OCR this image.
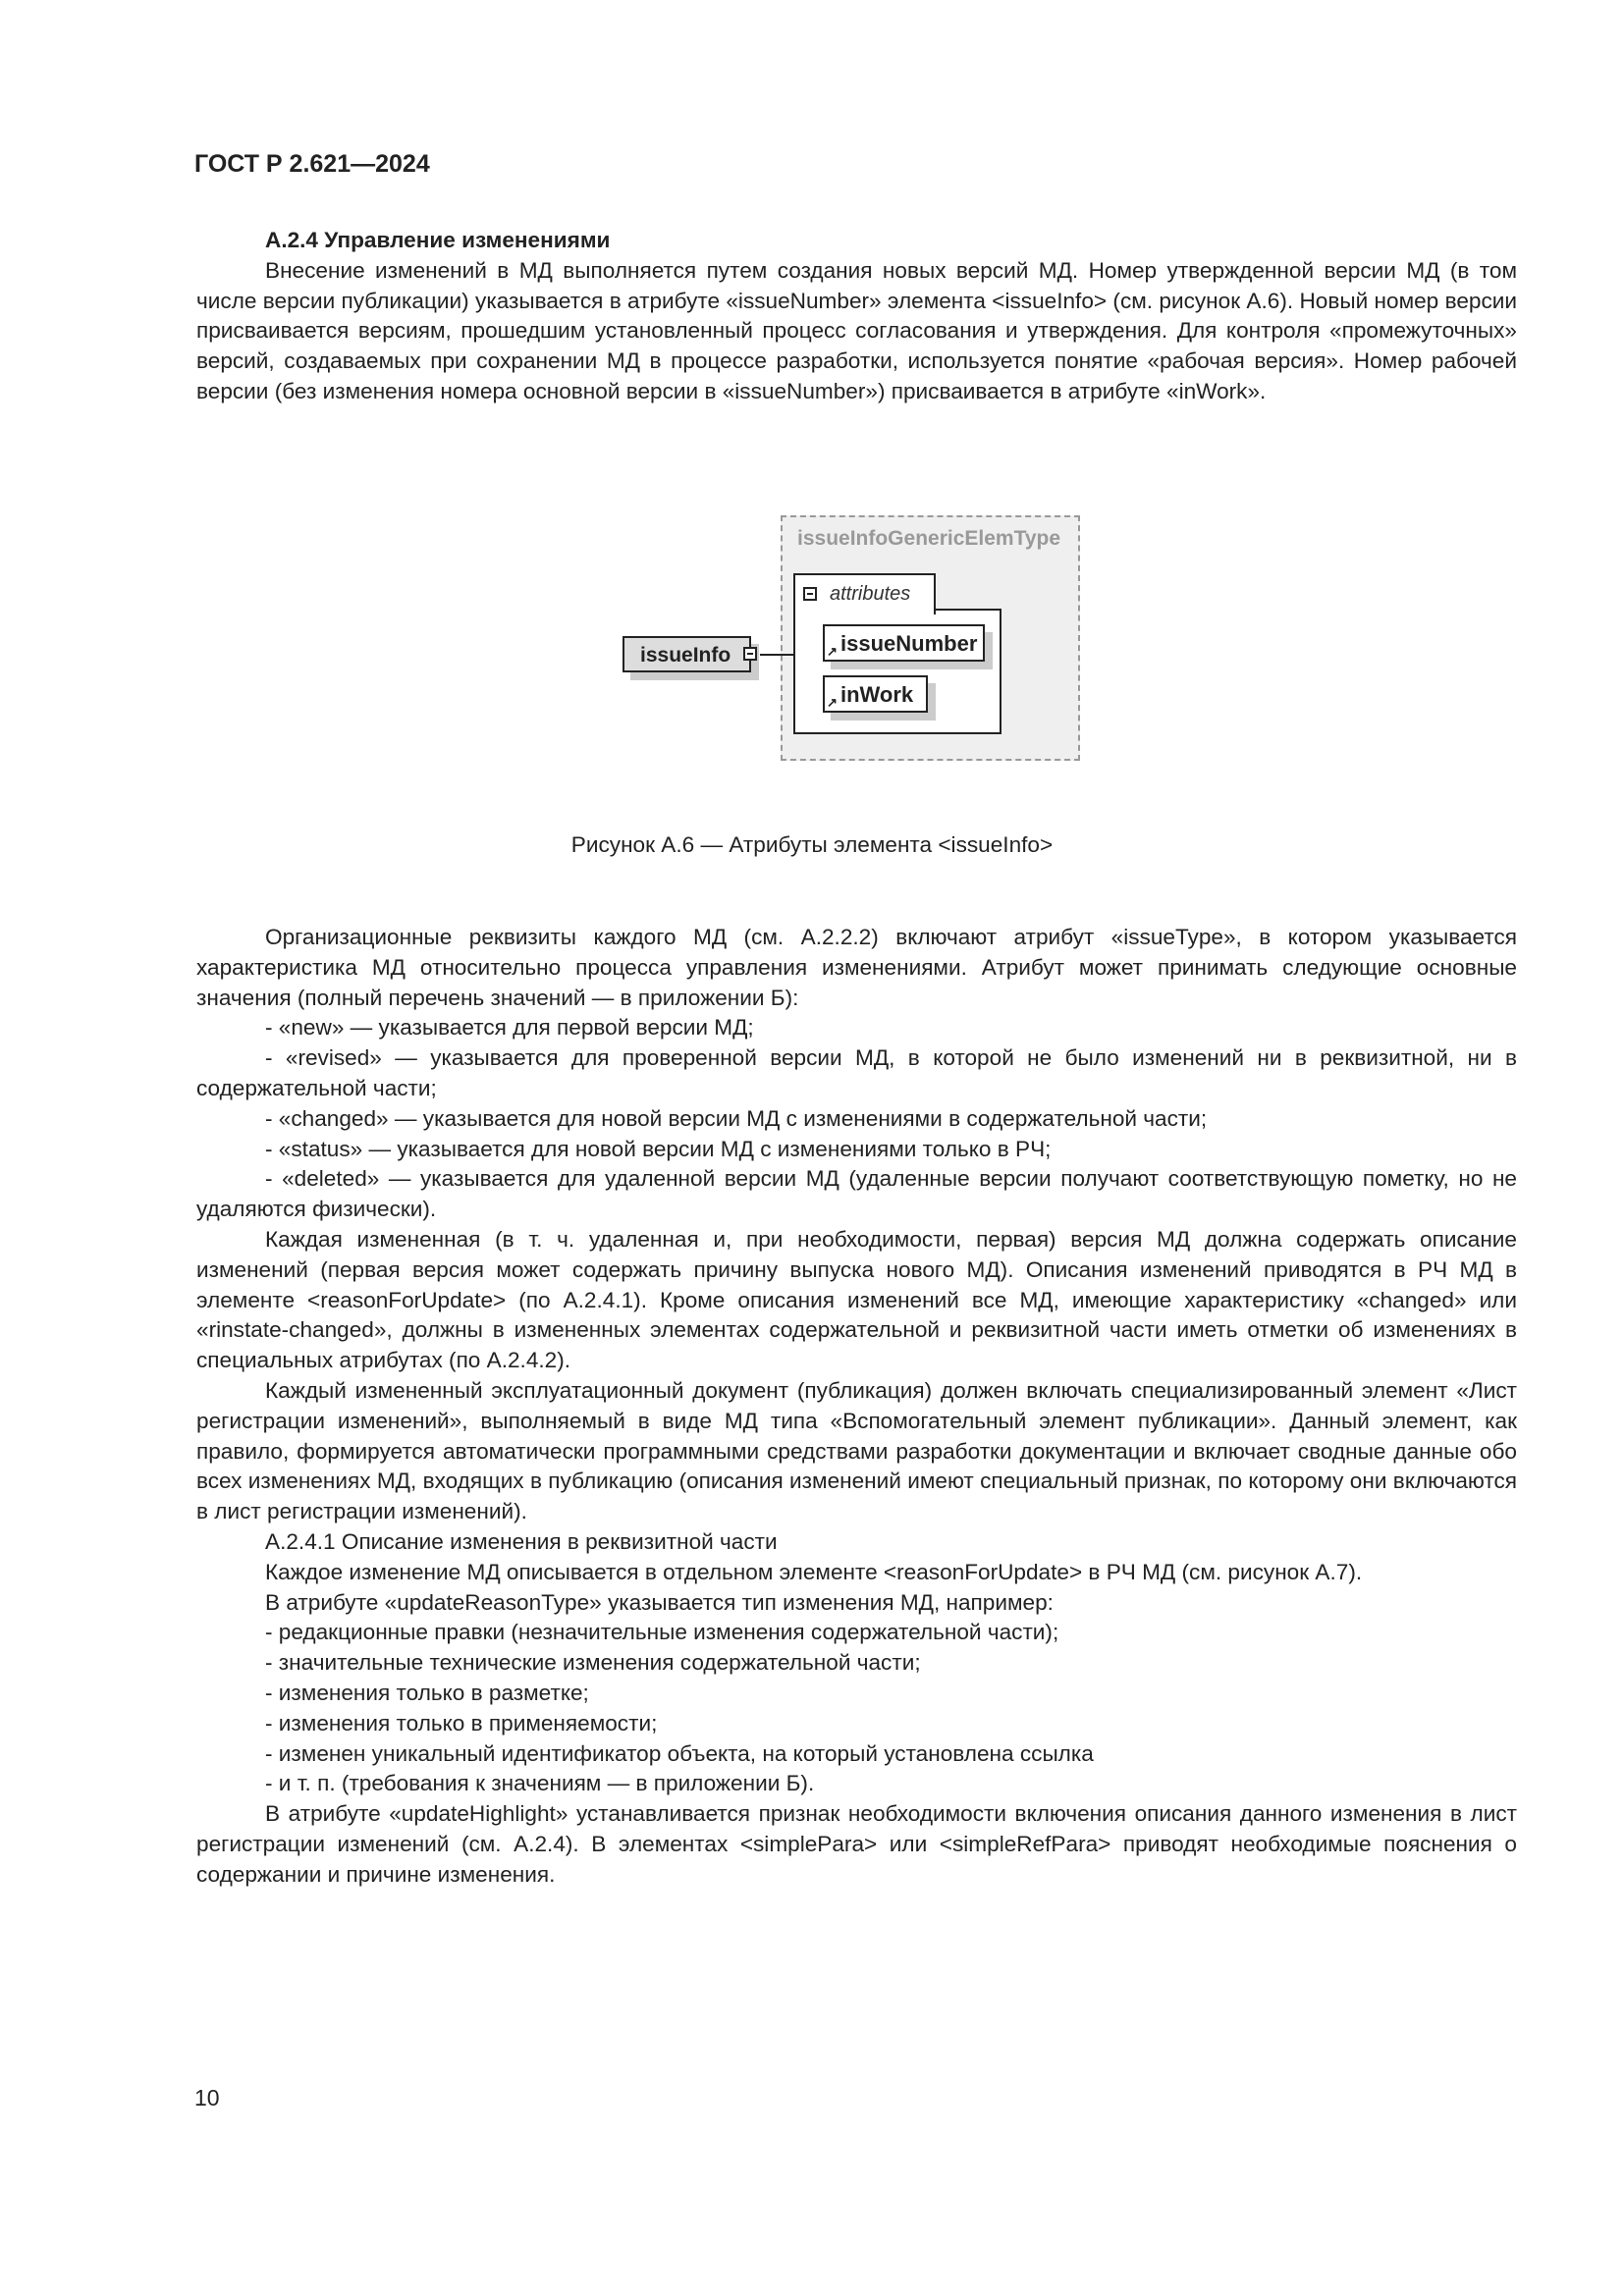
ГОСТ Р 2.621—2024

А.2.4 Управление изменениями

Внесение изменений в МД выполняется путем создания новых версий МД. Номер утвержденной версии МД (в том числе версии публикации) указывается в атрибуте «issueNumber» элемента <issueInfo> (см. рисунок А.6). Новый номер версии присваивается версиям, прошедшим установленный процесс согласования и утверждения. Для контроля «промежуточных» версий, создаваемых при сохранении МД в процессе разработки, используется понятие «рабочая версия». Номер рабочей версии (без изменения номера основной версии в «issueNumber») присваивается в атрибуте «inWork».

issueInfoGenericElemType
attributes
↗ issueNumber
↗ inWork
issueInfo
Рисунок А.6 — Атрибуты элемента <issueInfo>

Организационные реквизиты каждого МД (см. А.2.2.2) включают атрибут «issueType», в котором указывается характеристика МД относительно процесса управления изменениями. Атрибут может принимать следующие основные значения (полный перечень значений — в приложении Б):

- «new» — указывается для первой версии МД;

- «revised» — указывается для проверенной версии МД, в которой не было изменений ни в реквизитной, ни в содержательной части;

- «changed» — указывается для новой версии МД с изменениями в содержательной части;

- «status» — указывается для новой версии МД с изменениями только в РЧ;

- «deleted» — указывается для удаленной версии МД (удаленные версии получают соответствующую пометку, но не удаляются физически).

Каждая измененная (в т. ч. удаленная и, при необходимости, первая) версия МД должна содержать описание изменений (первая версия может содержать причину выпуска нового МД). Описания изменений приводятся в РЧ МД в элементе <reasonForUpdate> (по А.2.4.1). Кроме описания изменений все МД, имеющие характеристику «changed» или «rinstate-changed», должны в измененных элементах содержательной и реквизитной части иметь отметки об изменениях в специальных атрибутах (по А.2.4.2).

Каждый измененный эксплуатационный документ (публикация) должен включать специализированный элемент «Лист регистрации изменений», выполняемый в виде МД типа «Вспомогательный элемент публикации». Данный элемент, как правило, формируется автоматически программными средствами разработки документации и включает сводные данные обо всех изменениях МД, входящих в публикацию (описания изменений имеют специальный признак, по которому они включаются в лист регистрации изменений).

А.2.4.1 Описание изменения в реквизитной части

Каждое изменение МД описывается в отдельном элементе <reasonForUpdate> в РЧ МД (см. рисунок А.7).

В атрибуте «updateReasonType» указывается тип изменения МД, например:

- редакционные правки (незначительные изменения содержательной части);

- значительные технические изменения содержательной части;

- изменения только в разметке;

- изменения только в применяемости;

- изменен уникальный идентификатор объекта, на который установлена ссылка

- и т. п. (требования к значениям — в приложении Б).

В атрибуте «updateHighlight» устанавливается признак необходимости включения описания данного изменения в лист регистрации изменений (см. А.2.4). В элементах <simplePara> или <simpleRefPara> приводят необходимые пояснения о содержании и причине изменения.

10
